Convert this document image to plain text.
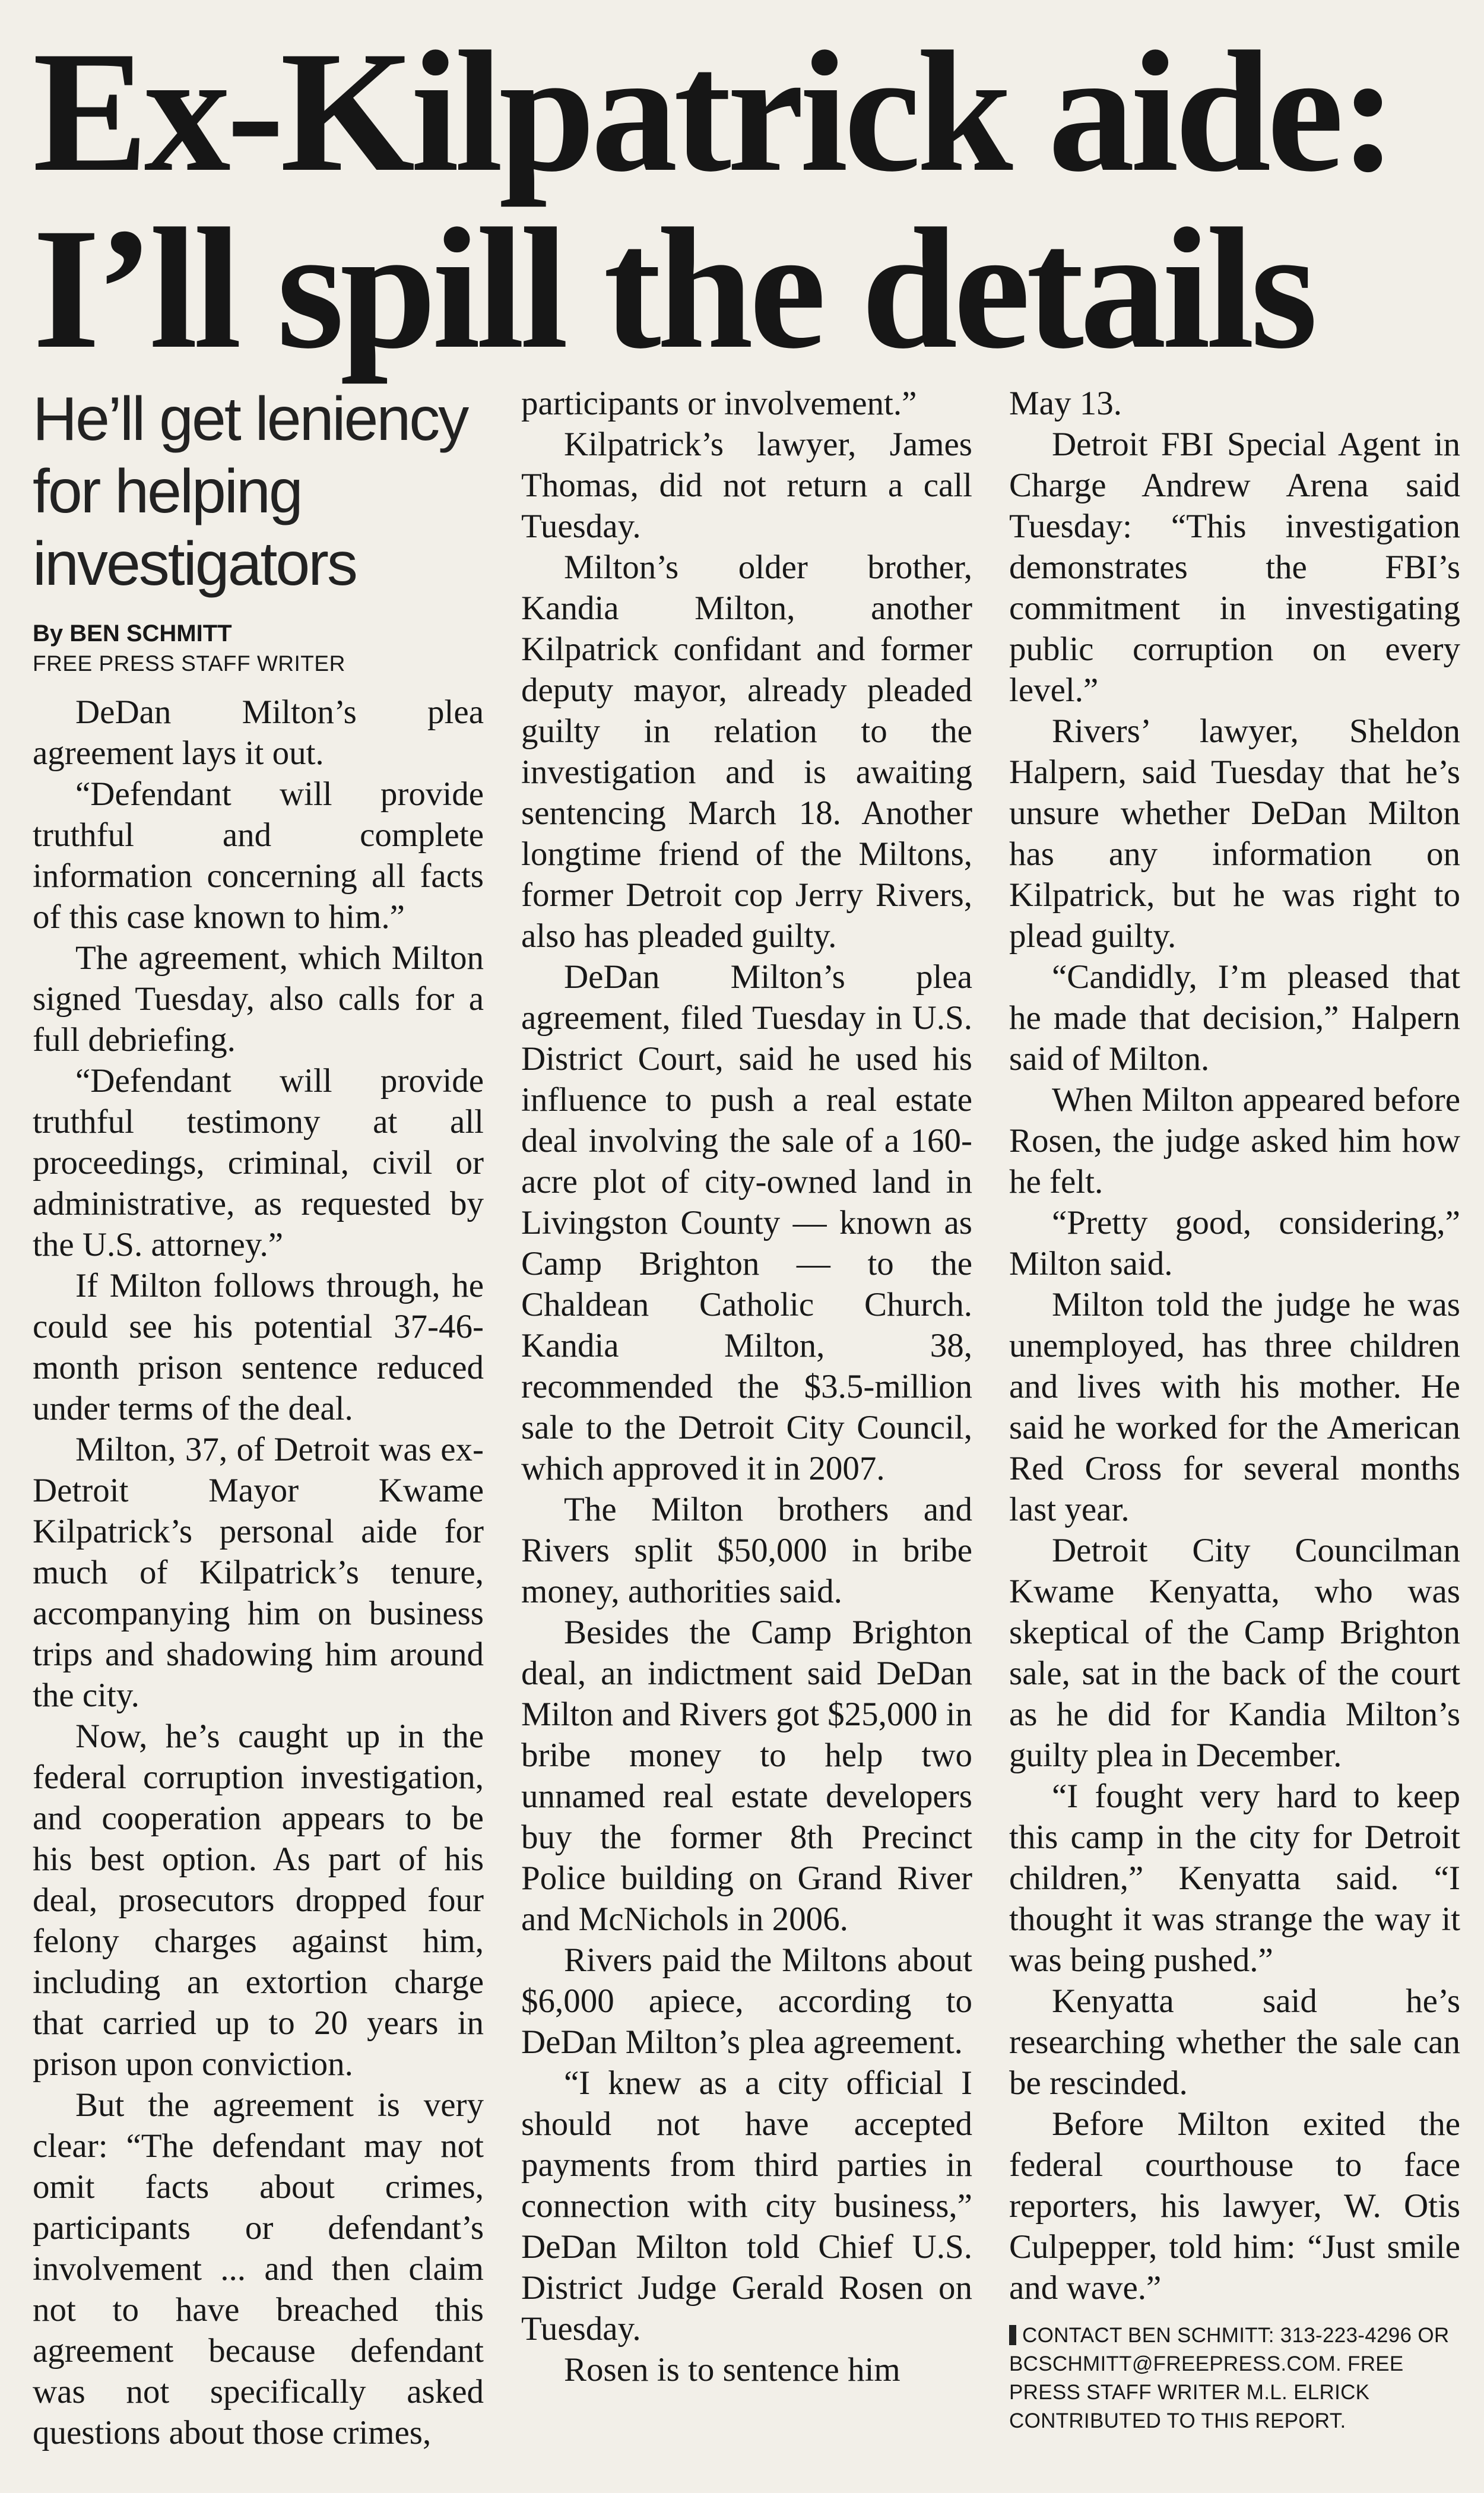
Ex-Kilpatrick aide:
I’ll spill the details
He’ll get leniency for helping investigators

By BEN SCHMITT

FREE PRESS STAFF WRITER

DeDan Milton’s plea agreement lays it out.

“Defendant will provide truthful and complete information concerning all facts of this case known to him.”

The agreement, which Milton signed Tuesday, also calls for a full debriefing.

“Defendant will provide truthful testimony at all proceedings, criminal, civil or administrative, as requested by the U.S. attorney.”

If Milton follows through, he could see his potential 37-46-month prison sentence reduced under terms of the deal.

Milton, 37, of Detroit was ex-Detroit Mayor Kwame Kilpatrick’s personal aide for much of Kilpatrick’s tenure, accompanying him on business trips and shadowing him around the city.

Now, he’s caught up in the federal corruption investigation, and cooperation appears to be his best option. As part of his deal, prosecutors dropped four felony charges against him, including an extortion charge that carried up to 20 years in prison upon conviction.

But the agreement is very clear: “The defendant may not omit facts about crimes, participants or defendant’s involvement ... and then claim not to have breached this agreement because defendant was not specifically asked questions about those crimes,

participants or involvement.”

Kilpatrick’s lawyer, James Thomas, did not return a call Tuesday.

Milton’s older brother, Kandia Milton, another Kilpatrick confidant and former deputy mayor, already pleaded guilty in relation to the investigation and is awaiting sentencing March 18. Another longtime friend of the Miltons, former Detroit cop Jerry Rivers, also has pleaded guilty.

DeDan Milton’s plea agreement, filed Tuesday in U.S. District Court, said he used his influence to push a real estate deal involving the sale of a 160-acre plot of city-owned land in Livingston County — known as Camp Brighton — to the Chaldean Catholic Church. Kandia Milton, 38, recommended the $3.5-million sale to the Detroit City Council, which approved it in 2007.

The Milton brothers and Rivers split $50,000 in bribe money, authorities said.

Besides the Camp Brighton deal, an indictment said DeDan Milton and Rivers got $25,000 in bribe money to help two unnamed real estate developers buy the former 8th Precinct Police building on Grand River and McNichols in 2006.

Rivers paid the Miltons about $6,000 apiece, according to DeDan Milton’s plea agreement.

“I knew as a city official I should not have accepted payments from third parties in connection with city business,” DeDan Milton told Chief U.S. District Judge Gerald Rosen on Tuesday.

Rosen is to sentence him

May 13.

Detroit FBI Special Agent in Charge Andrew Arena said Tuesday: “This investigation demonstrates the FBI’s commitment in investigating public corruption on every level.”

Rivers’ lawyer, Sheldon Halpern, said Tuesday that he’s unsure whether DeDan Milton has any information on Kilpatrick, but he was right to plead guilty.

“Candidly, I’m pleased that he made that decision,” Halpern said of Milton.

When Milton appeared before Rosen, the judge asked him how he felt.

“Pretty good, considering,” Milton said.

Milton told the judge he was unemployed, has three children and lives with his mother. He said he worked for the American Red Cross for several months last year.

Detroit City Councilman Kwame Kenyatta, who was skeptical of the Camp Brighton sale, sat in the back of the court as he did for Kandia Milton’s guilty plea in December.

“I fought very hard to keep this camp in the city for Detroit children,” Kenyatta said. “I thought it was strange the way it was being pushed.”

Kenyatta said he’s researching whether the sale can be rescinded.

Before Milton exited the federal courthouse to face reporters, his lawyer, W. Otis Culpepper, told him: “Just smile and wave.”

CONTACT BEN SCHMITT: 313-223-4296 OR BCSCHMITT@FREEPRESS.COM. FREE PRESS STAFF WRITER M.L. ELRICK CONTRIBUTED TO THIS REPORT.
